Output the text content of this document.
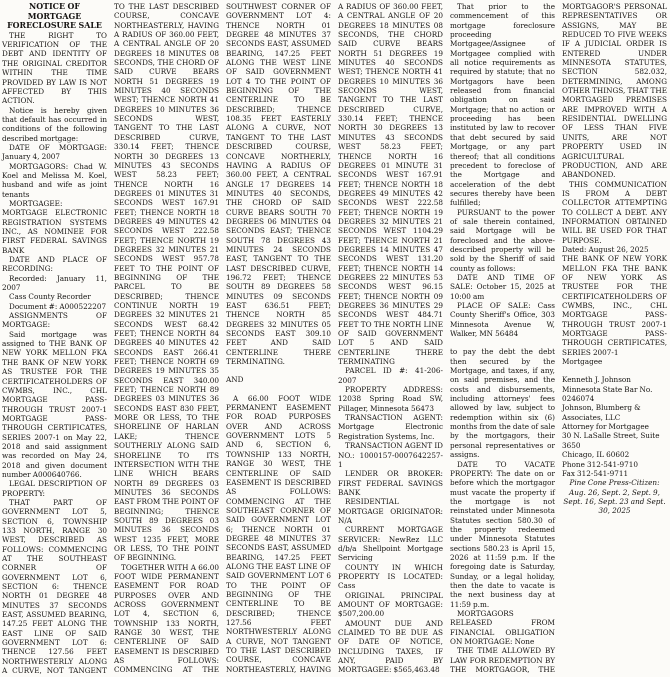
NOTICE OF

MORTGAGE

FORECLOSURE SALE

THE RIGHT TO VERIFICATION OF THE DEBT AND IDENTITY OF THE ORIGINAL CREDITOR WITHIN THE TIME PROVIDED BY LAW IS NOT AFFECTED BY THIS ACTION.

Notice is hereby given that default has occurred in conditions of the following described mortgage:

DATE OF MORTGAGE: January 4, 2007

MORTGAGORS: Chad W. Koel and Melissa M. Koel, husband and wife as joint tenants

MORTGAGEE: MORTGAGE ELECTRONIC REGISTRATION SYSTEMS INC., AS NOMINEE FOR FIRST FEDERAL SAVINGS BANK

DATE AND PLACE OF RECORDING:

Recorded: January 11, 2007

Cass County Recorder

Document #: A000522207

ASSIGNMENTS OF MORTGAGE:

Said mortgage was assigned to THE BANK OF NEW YORK MELLON FKA THE BANK OF NEW YORK AS TRUSTEE FOR THE CERTIFICATEHOLDERS OF CWMBS, INC., CHL MORTGAGE PASS-THROUGH TRUST 2007-1 MORTGAGE PASS-THROUGH CERTIFICATES, SERIES 2007-1 on May 22, 2018 and said assignment was recorded on May 24, 2018 and given document number A000640766.

LEGAL DESCRIPTION OF PROPERTY:

THAT PART OF GOVERNMENT LOT 5, SECTION 6, TOWNSHIP 133 NORTH, RANGE 30 WEST, DESCRIBED AS FOLLOWS: COMMENCING AT THE SOUTHEAST CORNER OF GOVERNMENT LOT 6, SECTION 6: THENCE NORTH 01 DEGREE 48 MINUTES 37 SECONDS EAST, ASSUMED BEARING, 147.25 FEET ALONG THE EAST LINE OF SAID GOVERNMENT LOT 6: THENCE 127.56 FEET NORTHWESTERLY ALONG A CURVE, NOT TANGENT TO THE LAST DESCRIBED COURSE, CONCAVE NORTHEASTERLY, HAVING A RADIUS OF 360.00 FEET, A CENTRAL ANGLE OF 20 DEGREES 18 MINUTES 08 SECONDS, THE CHORD OF SAID CURVE BEARS NORTH 51 DEGREES 19 MINUTES 40 SECONDS WEST; THENCE NORTH 41 DEGREES 10 MINUTES 36 SECONDS WEST, TANGENT TO THE LAST DESCRIBED CURVE, 330.14 FEET; THENCE NORTH 30 DEGREES 13 MINUTES 43 SECONDS WEST 58.23 FEET; THENCE NORTH 16 DEGREES 01 MINUTES 31 SECONDS WEST 167.91 FEET; THENCE NORTH 18 DEGREES 49 MINUTES 42 SECONDS WEST 222.58 FEET; THENCE NORTH 19 DEGREES 32 MINUTES 21 SECONDS WEST 957.78 FEET TO THE POINT OF BEGINNING OF THE PARCEL TO BE DESCRIBED; THENCE CONTINUE NORTH 19 DEGREES 32 MINUTES 21 SECONDS WEST 68.42 FEET; THENCE NORTH 84 DEGREES 40 MINUTES 42 SECONDS EAST 266.41 FEET; THENCE NORTH 69 DEGREES 19 MINUTES 35 SECONDS EAST 340.00 FEET; THENCE NORTH 89 DEGREES 03 MINUTES 36 SECONDS EAST 830 FEET, MORE OR LESS, TO THE SHORELINE OF HARLAN LAKE; THENCE SOUTHERLY ALONG SAID SHORELINE TO ITS INTERSECTION WITH THE LINE WHICH BEARS NORTH 89 DEGREES 03 MINUTES 36 SECONDS EAST FROM THE POINT OF BEGINNING; THENCE SOUTH 89 DEGREES 03 MINUTES 36 SECONDS WEST 1235 FEET, MORE OR LESS, TO THE POINT OF BEGINNING.

TOGETHER WITH A 66.00 FOOT WIDE PERMANENT EASEMENT FOR ROAD PURPOSES OVER AND ACROSS GOVERNMENT LOT 4, SECTION 6, TOWNSHIP 133 NORTH, RANGE 30 WEST, THE CENTERLINE OF SAID EASEMENT IS DESCRIBED AS FOLLOWS: COMMENCING AT THE SOUTHWEST CORNER OF GOVERNMENT LOT 4: THENCE NORTH 01 DEGREE 48 MINUTES 37 SECONDS EAST, ASSUMED BEARING, 147.25 FEET ALONG THE WEST LINE OF SAID GOVERNMENT LOT 4 TO THE POINT OF BEGINNING OF THE CENTERLINE TO BE DESCRIBED; THENCE 108.35 FEET EASTERLY ALONG A CURVE, NOT TANGENT TO THE LAST DESCRIBED COURSE, CONCAVE NORTHERLY, HAVING A RADIUS OF 360.00 FEET, A CENTRAL ANGLE 17 DEGREES 14 MINUTES 40 SECONDS, THE CHORD OF SAID CURVE BEARS SOUTH 70 DEGREES 06 MINUTES 04 SECONDS EAST; THENCE SOUTH 78 DEGREES 43 MINUTES 24 SECONDS EAST, TANGENT TO THE LAST DESCRIBED CURVE, 196.72 FEET; THENCE SOUTH 89 DEGREES 58 MINUTES 09 SECONDS EAST 636.51 FEET; THENCE NORTH 85 DEGREES 32 MINUTES 05 SECONDS EAST 309.10 FEET AND SAID CENTERLINE THERE TERMINATING.

AND

A 66.00 FOOT WIDE PERMANENT EASEMENT FOR ROAD PURPOSES OVER AND ACROSS GOVERNMENT LOTS 5 AND 6, SECTION 6, TOWNSHIP 133 NORTH, RANGE 30 WEST, THE CENTERLINE OF SAID EASEMENT IS DESCRIBED AS FOLLOWS: COMMENCING AT THE SOUTHEAST CORNER OF SAID GOVERNMENT LOT 6; THENCE NORTH 01 DEGREE 48 MINUTES 37 SECONDS EAST, ASSUMED BEARING, 147.25 FEET ALONG THE EAST LINE OF SAID GOVERNMENT LOT 6 TO THE POINT OF BEGINNING OF THE CENTERLINE TO BE DESCRIBED; THENCE 127.56 FEET NORTHWESTERLY ALONG A CURVE, NOT TANGENT TO THE LAST DESCRIBED COURSE, CONCAVE NORTHEASTERLY, HAVING A RADIUS OF 360.00 FEET, A CENTRAL ANGLE OF 20 DEGREES 18 MINUTES 08 SECONDS, THE CHORD SAID CURVE BEARS NORTH 51 DEGREES 19 MINUTES 40 SECONDS WEST; THENCE NORTH 41 DEGREES 10 MINUTES 36 SECONDS WEST, TANGENT TO THE LAST DESCRIBED CURVE, 330.14 FEET; THENCE NORTH 30 DEGREES 13 MINUTES 43 SECONDS WEST 58.23 FEET; THENCE NORTH 16 DEGREES 01 MINUTE 31 SECONDS WEST 167.91 FEET; THENCE NORTH 18 DEGREES 49 MINUTES 42 SECONDS WEST 222.58 FEET; THENCE NORTH 19 DEGREES 32 MINUTES 21 SECONDS WEST 1104.29 FEET; THENCE NORTH 21 DEGREES 14 MINUTES 47 SECONDS WEST 131.20 FEET; THENCE NORTH 14 DEGREES 22 MINUTES 53 SECONDS WEST 96.15 FEET; THENCE NORTH 09 DEGREES 36 MINUTES 29 SECONDS WEST 484.71 FEET TO THE NORTH LINE OF SAID GOVERNMENT LOT 5 AND SAID CENTERLINE THERE TERMINATING

PARCEL ID #: 41-206-2007

PROPERTY ADDRESS: 12038 Spring Road SW, Pillager, Minnesota 56473

TRANSACTION AGENT: Mortgage Electronic Registration Systems, Inc.

TRANSACTION AGENT ID NO.: 1000157-0007642257-1

LENDER OR BROKER: FIRST FEDERAL SAVINGS BANK

RESIDENTIAL MORTGAGE ORIGINATOR: N/A

CURRENT MORTGAGE SERVICER: NewRez LLC d/b/a Shellpoint Mortgage Servicing

COUNTY IN WHICH PROPERTY IS LOCATED: Cass

ORIGINAL PRINCIPAL AMOUNT OF MORTGAGE: $507,200.00

AMOUNT DUE AND CLAIMED TO BE DUE AS OF DATE OF NOTICE, INCLUDING TAXES, IF ANY, PAID BY MORTGAGEE: $565,463.48

That prior to the commencement of this mortgage foreclosure proceeding Mortgagee/Assignee of Mortgagee complied with all notice requirements as required by statute; that no Mortgagors have been released from financial obligation on said Mortgage; that no action or proceeding has been instituted by law to recover that debt secured by said Mortgage, or any part thereof; that all conditions precedent to foreclose of the Mortgage and acceleration of the debt secures thereby have been fulfilled;

PURSUANT to the power of sale therein contained, said Mortgage will be foreclosed and the above-described property will be sold by the Sheriff of said county as follows:

DATE AND TIME OF SALE: October 15, 2025 at 10:00 am

PLACE OF SALE: Cass County Sheriff's Office, 303 Minnesota Avenue W, Walker, MN 56484

to pay the debt the debt then secured by the Mortgage, and taxes, if any, on said premises, and the costs and disbursements, including attorneys' fees allowed by law, subject to redemption within six (6) months from the date of sale by the mortgagors, their personal representatives or assigns.

DATE TO VACATE PROPERTY: The date on or before which the mortgagor must vacate the property if the mortgage is not reinstated under Minnesota Statutes section 580.30 of the property redeemed under Minnesota Statutes sections 580.23 is April 15, 2026 at 11:59 p.m. If the foregoing date is Saturday, Sunday, or a legal holiday, then the date to vacate is the next business day at 11:59 p.m.

MORTGAGORS RELEASED FROM FINANCIAL OBLIGATION ON MORTGAGE: None

THE TIME ALLOWED BY LAW FOR REDEMPTION BY THE MORTGAGOR, THE MORTGAGOR'S PERSONAL REPRESENTATIVES OR ASSIGNS, MAY BE REDUCED TO FIVE WEEKS IF A JUDICIAL ORDER IS ENTERED UNDER MINNESOTA STATUTES, SECTION 582.032, DETERMINING, AMONG OTHER THINGS, THAT THE MORTGAGED PREMISES ARE IMPROVED WITH A RESIDENTIAL DWELLING OF LESS THAN FIVE UNITS, ARE NOT PROPERTY USED IN AGRICULTURAL PRODUCTION, AND ARE ABANDONED.

THIS COMMUNICATION IS FROM A DEBT COLLECTOR ATTEMPTING TO COLLECT A DEBT. ANY INFORMATION OBTAINED WILL BE USED FOR THAT PURPOSE.

Dated: August 26, 2025

THE BANK OF NEW YORK MELLON FKA THE BANK OF NEW YORK AS TRUSTEE FOR THE CERTIFICATEHOLDERS OF CWMBS, INC., CHL MORTGAGE PASS-THROUGH TRUST 2007-1 MORTGAGE PASS-THROUGH CERTIFICATES, SERIES 2007-1

Mortgagee

Kenneth J. Johnson

Minnesota State Bar No. 0246074

Johnson, Blumberg & Associates, LLC

Attorney for Mortgagee

30 N. LaSalle Street, Suite 3650

Chicago, IL 60602

Phone 312-541-9710

Fax 312-541-9711

Pine Cone Press-Citizen: Aug. 26, Sept. 2, Sept. 9, Sept. 16, Sept. 23 and Sept. 30, 2025
